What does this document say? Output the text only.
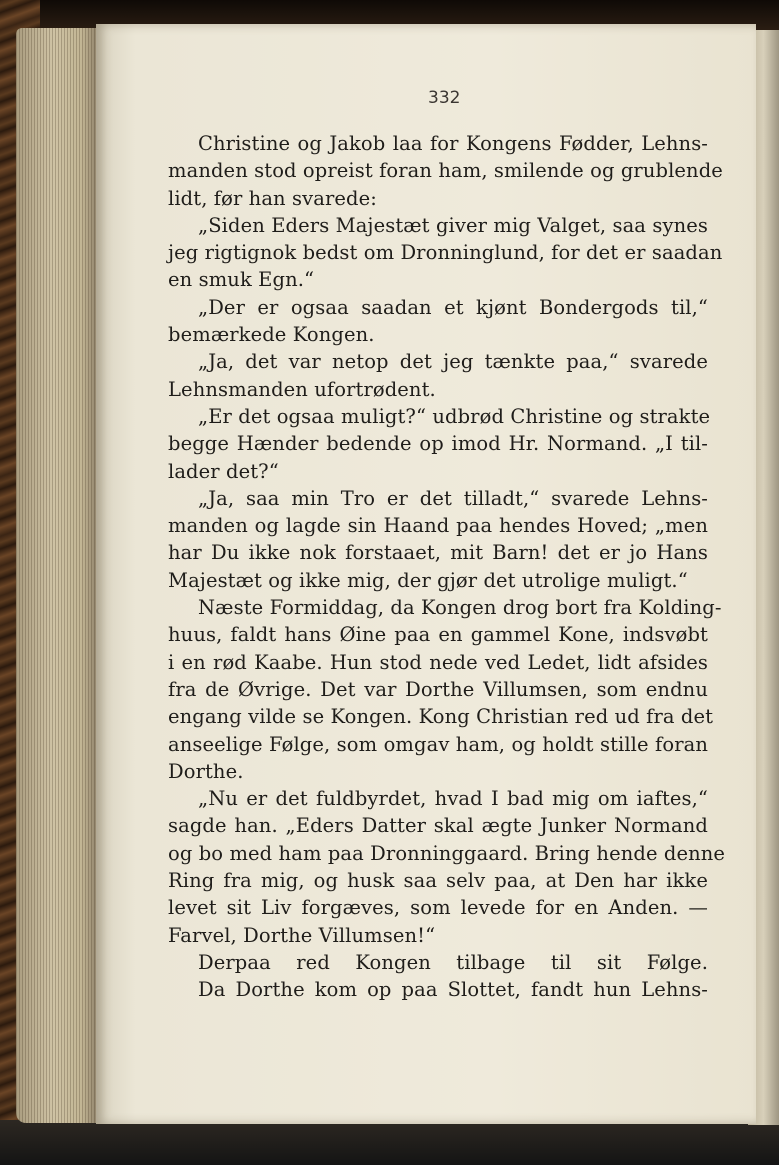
332
Christine og Jakob laa for Kongens Fødder, Lehns-
manden stod opreist foran ham, smilende og grublende
lidt, før han svarede:
„Siden Eders Majestæt giver mig Valget, saa synes
jeg rigtignok bedst om Dronninglund, for det er saadan
en smuk Egn.“
„Der er ogsaa saadan et kjønt Bondergods til,“
bemærkede Kongen.
„Ja, det var netop det jeg tænkte paa,“ svarede
Lehnsmanden ufortrødent.
„Er det ogsaa muligt?“ udbrød Christine og strakte
begge Hænder bedende op imod Hr. Normand. „I til-
lader det?“
„Ja, saa min Tro er det tilladt,“ svarede Lehns-
manden og lagde sin Haand paa hendes Hoved; „men
har Du ikke nok forstaaet, mit Barn! det er jo Hans
Majestæt og ikke mig, der gjør det utrolige muligt.“
Næste Formiddag, da Kongen drog bort fra Kolding-
huus, faldt hans Øine paa en gammel Kone, indsvøbt
i en rød Kaabe. Hun stod nede ved Ledet, lidt afsides
fra de Øvrige. Det var Dorthe Villumsen, som endnu
engang vilde se Kongen. Kong Christian red ud fra det
anseelige Følge, som omgav ham, og holdt stille foran
Dorthe.
„Nu er det fuldbyrdet, hvad I bad mig om iaftes,“
sagde han. „Eders Datter skal ægte Junker Normand
og bo med ham paa Dronninggaard. Bring hende denne
Ring fra mig, og husk saa selv paa, at Den har ikke
levet sit Liv forgæves, som levede for en Anden. —
Farvel, Dorthe Villumsen!“
Derpaa red Kongen tilbage til sit Følge.
Da Dorthe kom op paa Slottet, fandt hun Lehns-
